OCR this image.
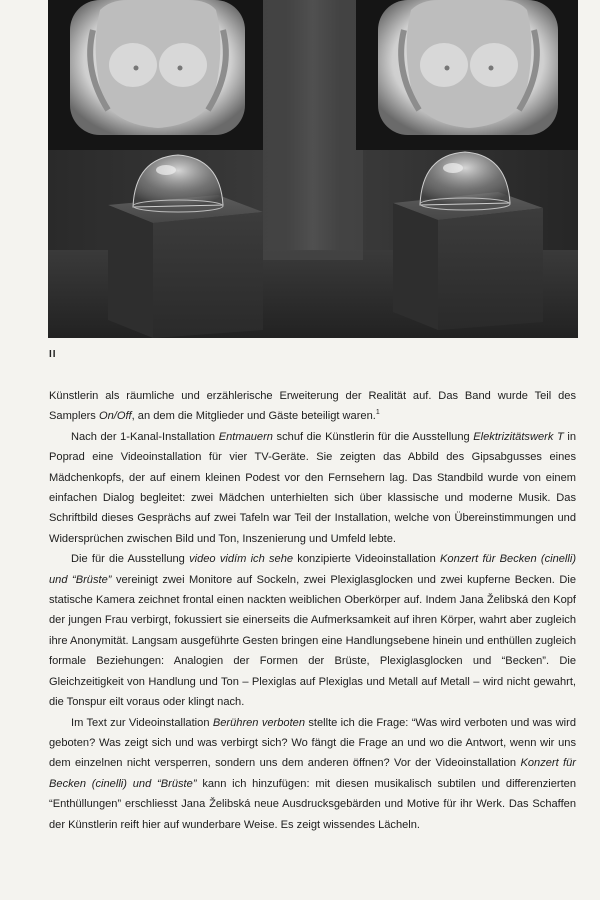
II

Künstlerin als räumliche und erzählerische Erweiterung der Realität auf. Das Band wurde Teil des Samplers On/Off, an dem die Mitglieder und Gäste beteiligt waren.$^1$

Nach der 1-Kanal-Installation Entmauern schuf die Künstlerin für die Ausstellung Elektrizitätswerk T in Poprad eine Videoinstallation für vier TV-Geräte. Sie zeigten das Abbild des Gipsabgusses eines Mädchenkopfs, der auf einem kleinen Podest vor den Fernsehern lag. Das Standbild wurde von einem einfachen Dialog begleitet: zwei Mädchen unterhielten sich über klassische und moderne Musik. Das Schriftbild dieses Gesprächs auf zwei Tafeln war Teil der Installation, welche von Übereinstimmungen und Widersprüchen zwischen Bild und Ton, Inszenierung und Umfeld lebte.

Die für die Ausstellung video vidím ich sehe konzipierte Videoinstallation Konzert für Becken (cinelli) und “Brüste” vereinigt zwei Monitore auf Sockeln, zwei Plexiglasglocken und zwei kupferne Becken. Die statische Kamera zeichnet frontal einen nackten weiblichen Oberkörper auf. Indem Jana Želibská den Kopf der jungen Frau verbirgt, fokussiert sie einerseits die Aufmerksamkeit auf ihren Körper, wahrt aber zugleich ihre Anonymität. Langsam ausgeführte Gesten bringen eine Handlungsebene hinein und enthüllen zugleich formale Beziehungen: Analogien der Formen der Brüste, Plexiglasglocken und “Becken”. Die Gleichzeitigkeit von Handlung und Ton – Plexiglas auf Plexiglas und Metall auf Metall – wird nicht gewahrt, die Tonspur eilt voraus oder klingt nach.

Im Text zur Videoinstallation Berühren verboten stellte ich die Frage: “Was wird verboten und was wird geboten? Was zeigt sich und was verbirgt sich? Wo fängt die Frage an und wo die Antwort, wenn wir uns dem einzelnen nicht versperren, sondern uns dem anderen öffnen? Vor der Videoinstallation Konzert für Becken (cinelli) und “Brüste” kann ich hinzufügen: mit diesen musikalisch subtilen und differenzierten “Enthüllungen” erschliesst Jana Želibská neue Ausdrucksgebärden und Motive für ihr Werk. Das Schaffen der Künstlerin reift hier auf wunderbare Weise. Es zeigt wissendes Lächeln.
